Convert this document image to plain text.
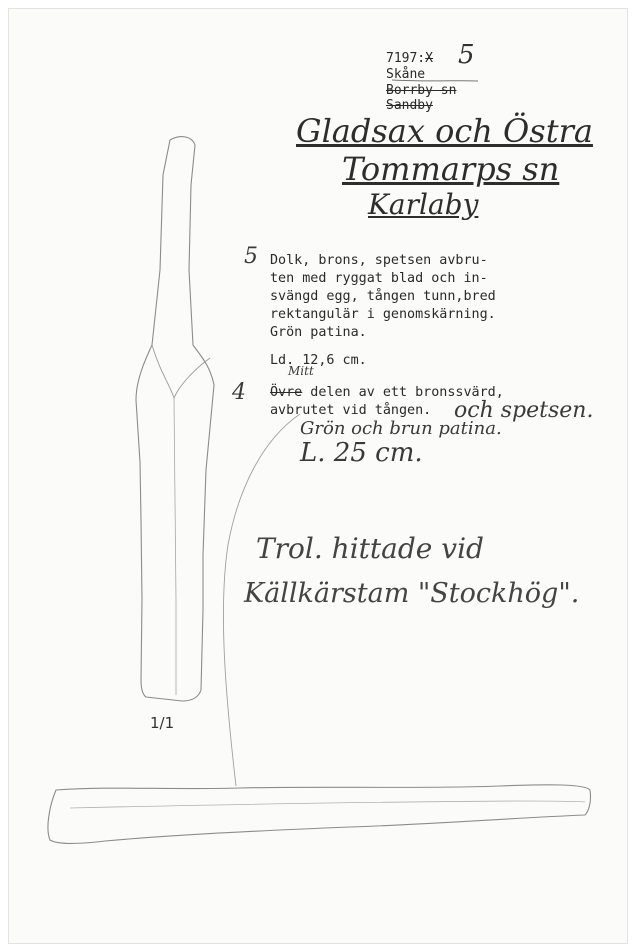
7197:X 5
Skåne
Borrby sn
Sandby
Gladsax och Östra
Tommarps sn
Karlaby
5 Dolk, brons, spetsen avbru-
ten med ryggat blad och in-
svängd egg, tången tunn,bred
rektangulär i genomskärning.
Grön patina.
Ld. 12,6 cm.
Mitt
4 Övre delen av ett bronssvärd,
avbrutet vid tången. och spetsen.
Grön och brun patina.
L. 25 cm.
Trol. hittade vid
Källkärstam "Stockhög".
1/1
